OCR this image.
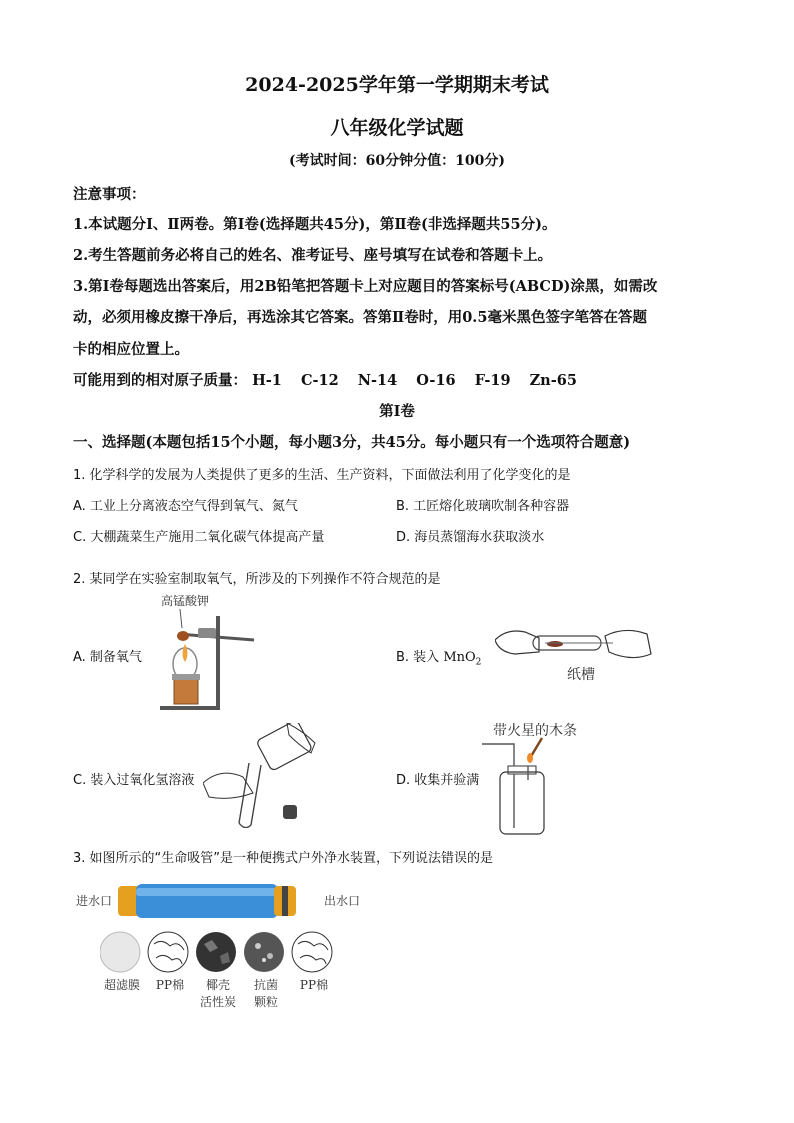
2024-2025学年第一学期期末考试
八年级化学试题
(考试时间：60分钟分值：100分)
注意事项：
1.本试题分Ⅰ、Ⅱ两卷。第Ⅰ卷(选择题共45分)，第Ⅱ卷(非选择题共55分)。
2.考生答题前务必将自己的姓名、准考证号、座号填写在试卷和答题卡上。
3.第Ⅰ卷每题选出答案后，用2B铅笔把答题卡上对应题目的答案标号(ABCD)涂黑，如需改
动，必须用橡皮擦干净后，再选涂其它答案。答第Ⅱ卷时，用0.5毫米黑色签字笔答在答题
卡的相应位置上。
可能用到的相对原子质量： H-1 C-12 N-14 O-16 F-19 Zn-65
第Ⅰ卷
一、选择题(本题包括15个小题，每小题3分，共45分。每小题只有一个选项符合题意)
1. 化学科学的发展为人类提供了更多的生活、生产资料，下面做法利用了化学变化的是
A. 工业上分离液态空气得到氧气、氮气	B. 工匠熔化玻璃吹制各种容器
C. 大棚蔬菜生产施用二氧化碳气体提高产量	D. 海员蒸馏海水获取淡水
2. 某同学在实验室制取氧气，所涉及的下列操作不符合规范的是
A. 制备氧气	B. 装入 MnO$_2$
C. 装入过氧化氢溶液	D. 收集并验满
高锰酸钾
纸槽
带火星的木条
3. 如图所示的“生命吸管”是一种便携式户外净水装置，下列说法错误的是
进水口	出水口
超滤膜	PP棉	椰壳
活性炭
抗菌
颗粒
PP棉
